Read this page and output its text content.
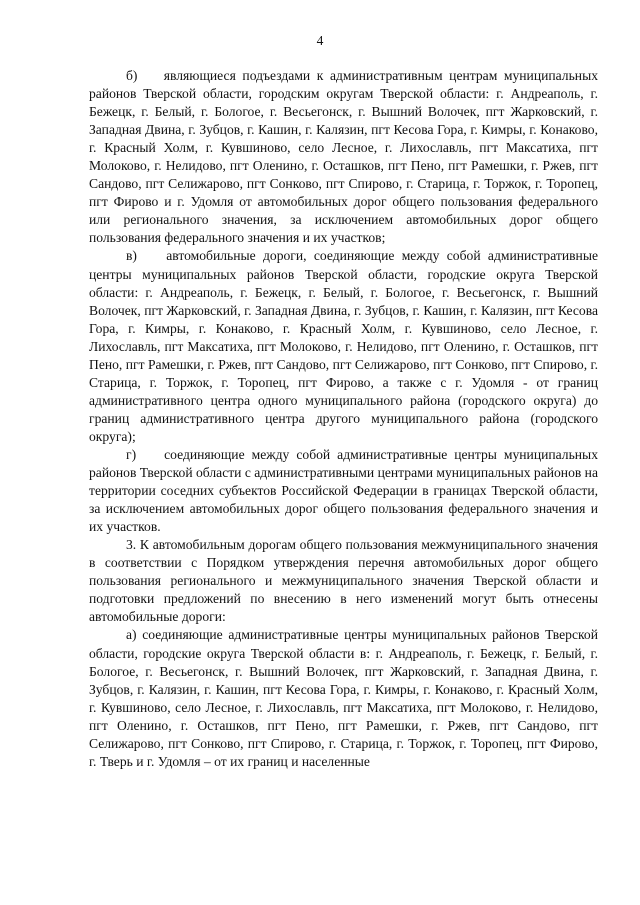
4

б)    являющиеся подъездами к административным центрам муниципальных районов Тверской области, городским округам Тверской области: г. Андреаполь, г. Бежецк, г. Белый, г. Бологое, г. Весьегонск, г. Вышний Волочек, пгт Жарковский, г. Западная Двина, г. Зубцов, г. Кашин, г. Калязин, пгт Кесова Гора, г. Кимры, г. Конаково, г. Красный Холм, г. Кувшиново, село Лесное, г. Лихославль, пгт Максатиха, пгт Молоково, г. Нелидово, пгт Оленино, г. Осташков, пгт Пено, пгт Рамешки, г. Ржев, пгт Сандово, пгт Селижарово, пгт Сонково, пгт Спирово, г. Старица, г. Торжок, г. Торопец, пгт Фирово и г. Удомля от автомобильных дорог общего пользования федерального или регионального значения, за исключением автомобильных дорог общего пользования федерального значения и их участков;

в)    автомобильные дороги, соединяющие между собой административные центры муниципальных районов Тверской области, городские округа Тверской области: г. Андреаполь, г. Бежецк, г. Белый, г. Бологое, г. Весьегонск, г. Вышний Волочек, пгт Жарковский, г. Западная Двина, г. Зубцов, г. Кашин, г. Калязин, пгт Кесова Гора, г. Кимры, г. Конаково, г. Красный Холм, г. Кувшиново, село Лесное, г. Лихославль, пгт Максатиха, пгт Молоково, г. Нелидово, пгт Оленино, г. Осташков, пгт Пено, пгт Рамешки, г. Ржев, пгт Сандово, пгт Селижарово, пгт Сонково, пгт Спирово, г. Старица, г. Торжок, г. Торопец, пгт Фирово, а также с г. Удомля - от границ административного центра одного муниципального района (городского округа) до границ административного центра другого муниципального района (городского округа);

г)    соединяющие между собой административные центры муниципальных районов Тверской области с административными центрами муниципальных районов на территории соседних субъектов Российской Федерации в границах Тверской области, за исключением автомобильных дорог общего пользования федерального значения и их участков.

3. К автомобильным дорогам общего пользования межмуниципального значения в соответствии с Порядком утверждения перечня автомобильных дорог общего пользования регионального и межмуниципального значения Тверской области и подготовки предложений по внесению в него изменений могут быть отнесены автомобильные дороги:

а) соединяющие административные центры муниципальных районов Тверской области, городские округа Тверской области в: г. Андреаполь, г. Бежецк, г. Белый, г. Бологое, г. Весьегонск, г. Вышний Волочек, пгт Жарковский, г. Западная Двина, г. Зубцов, г. Калязин, г. Кашин, пгт Кесова Гора, г. Кимры, г. Конаково, г. Красный Холм, г. Кувшиново, село Лесное, г. Лихославль, пгт Максатиха, пгт Молоково, г. Нелидово, пгт Оленино, г. Осташков, пгт Пено, пгт Рамешки, г. Ржев, пгт Сандово, пгт Селижарово, пгт Сонково, пгт Спирово, г. Старица, г. Торжок, г. Торопец, пгт Фирово, г. Тверь и г. Удомля – от их границ и населенные
